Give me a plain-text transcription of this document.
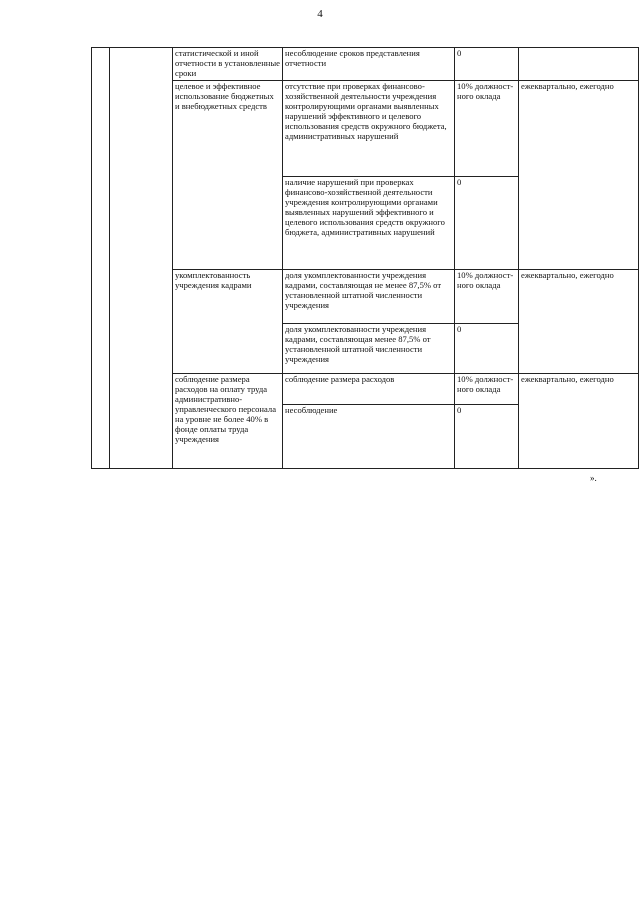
4

		статистической и иной отчетности в установленные сроки	несоблюдение сроков представления отчетности	0	

		целевое и эффективное использование бюджетных и внебюджетных средств	отсутствие при проверках финансово-хозяйственной деятельности учреждения контролирующими органами выявленных нарушений эффективного и целевого использования средств окружного бюджета, административных нарушений	10% должност-ного оклада	ежеквартально, ежегодно

			наличие нарушений при проверках финансово-хозяйственной деятельности учреждения контролирующими органами выявленных нарушений эффективного и целевого использования средств окружного бюджета, административных нарушений	0	

		укомплектованность учреждения кадрами	доля укомплектованности учреждения кадрами, составляющая не менее 87,5% от установленной штатной численности учреждения	10% должност-ного оклада	ежеквартально, ежегодно

			доля укомплектованности учреждения кадрами, составляющая менее 87,5% от установленной штатной численности учреждения	0	

		соблюдение размера расходов на оплату труда административно-управленческого персонала на уровне не более 40% в фонде оплаты труда учреждения	соблюдение размера расходов	10% должност-ного оклада	ежеквартально, ежегодно

			несоблюдение	0	
».
